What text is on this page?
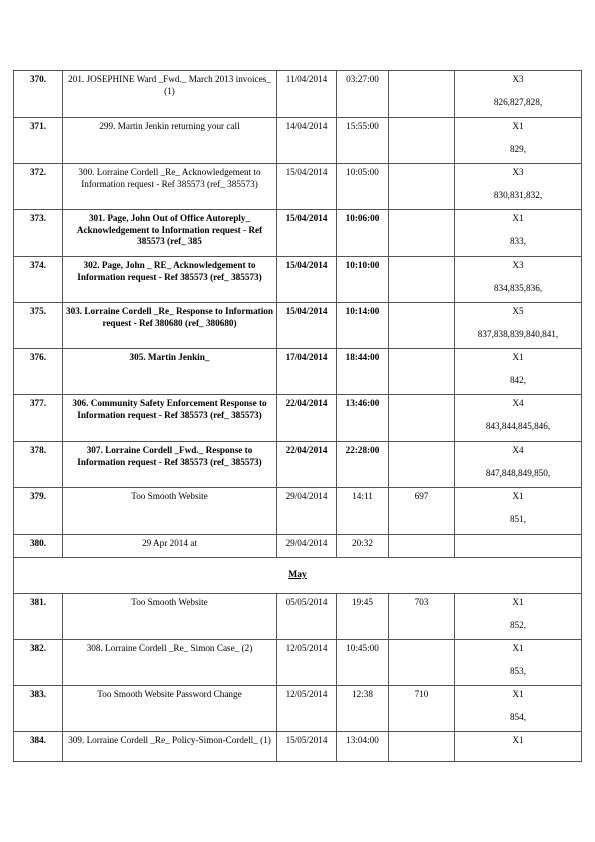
370.	201. JOSEPHINE Ward _Fwd._ March 2013 invoices_ (1)	11/04/2014	03:27:00		X3
826,827,828,

371.	299. Martin Jenkin returning your call	14/04/2014	15:55:00		X1
829,

372.	300. Lorraine Cordell _Re_ Acknowledgement to Information request - Ref 385573 (ref_ 385573)	15/04/2014	10:05:00		X3
830,831,832,

373.	301. Page, John Out of Office Autoreply_ Acknowledgement to Information request - Ref 385573 (ref_ 385	15/04/2014	10:06:00		X1
833,

374.	302. Page, John _ RE_ Acknowledgement to Information request - Ref 385573 (ref_ 385573)	15/04/2014	10:10:00		X3
834,835,836,

375.	303. Lorraine Cordell _Re_ Response to Information request - Ref 380680 (ref_ 380680)	15/04/2014	10:14:00		X5
837,838,839,840,841,

376.	305. Martin Jenkin_	17/04/2014	18:44:00		X1
842,

377.	306. Community Safety Enforcement Response to Information request - Ref 385573 (ref_ 385573)	22/04/2014	13:46:00		X4
843,844,845,846,

378.	307. Lorraine Cordell _Fwd._ Response to Information request - Ref 385573 (ref_ 385573)	22/04/2014	22:28:00		X4
847,848,849,850,

379.	Too Smooth Website	29/04/2014	14:11	697	X1
851,

380.	29 Apr 2014 at	29/04/2014	20:32		

May					
381.	Too Smooth Website	05/05/2014	19:45	703	X1
852,

382.	308. Lorraine Cordell _Re_ Simon Case_ (2)	12/05/2014	10:45:00		X1
853,

383.	Too Smooth Website Password Change	12/05/2014	12:38	710	X1
854,

384.	309. Lorraine Cordell _Re_ Policy-Simon-Cordell_ (1)	15/05/2014	13:04:00		X1
